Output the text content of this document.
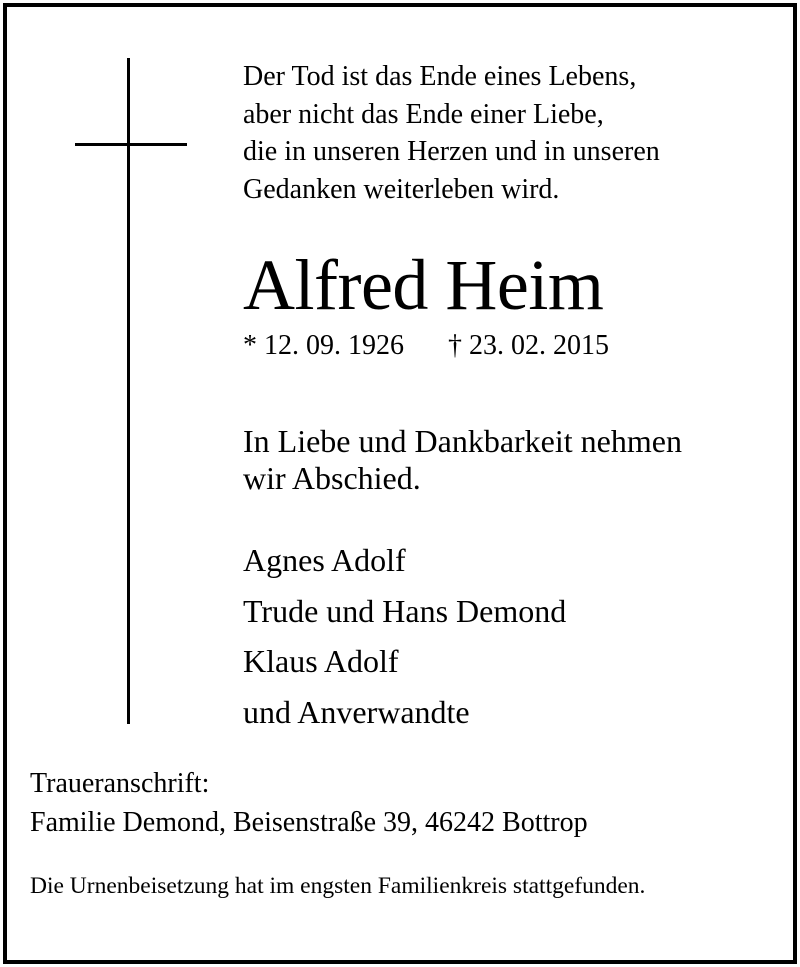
Der Tod ist das Ende eines Lebens,
aber nicht das Ende einer Liebe,
die in unseren Herzen und in unseren
Gedanken weiterleben wird.
Alfred Heim
* 12. 09. 1926 † 23. 02. 2015
In Liebe und Dankbarkeit nehmen
wir Abschied.
Agnes Adolf
Trude und Hans Demond
Klaus Adolf
und Anverwandte
Traueranschrift:
Familie Demond, Beisenstraße 39, 46242 Bottrop
Die Urnenbeisetzung hat im engsten Familienkreis stattgefunden.
